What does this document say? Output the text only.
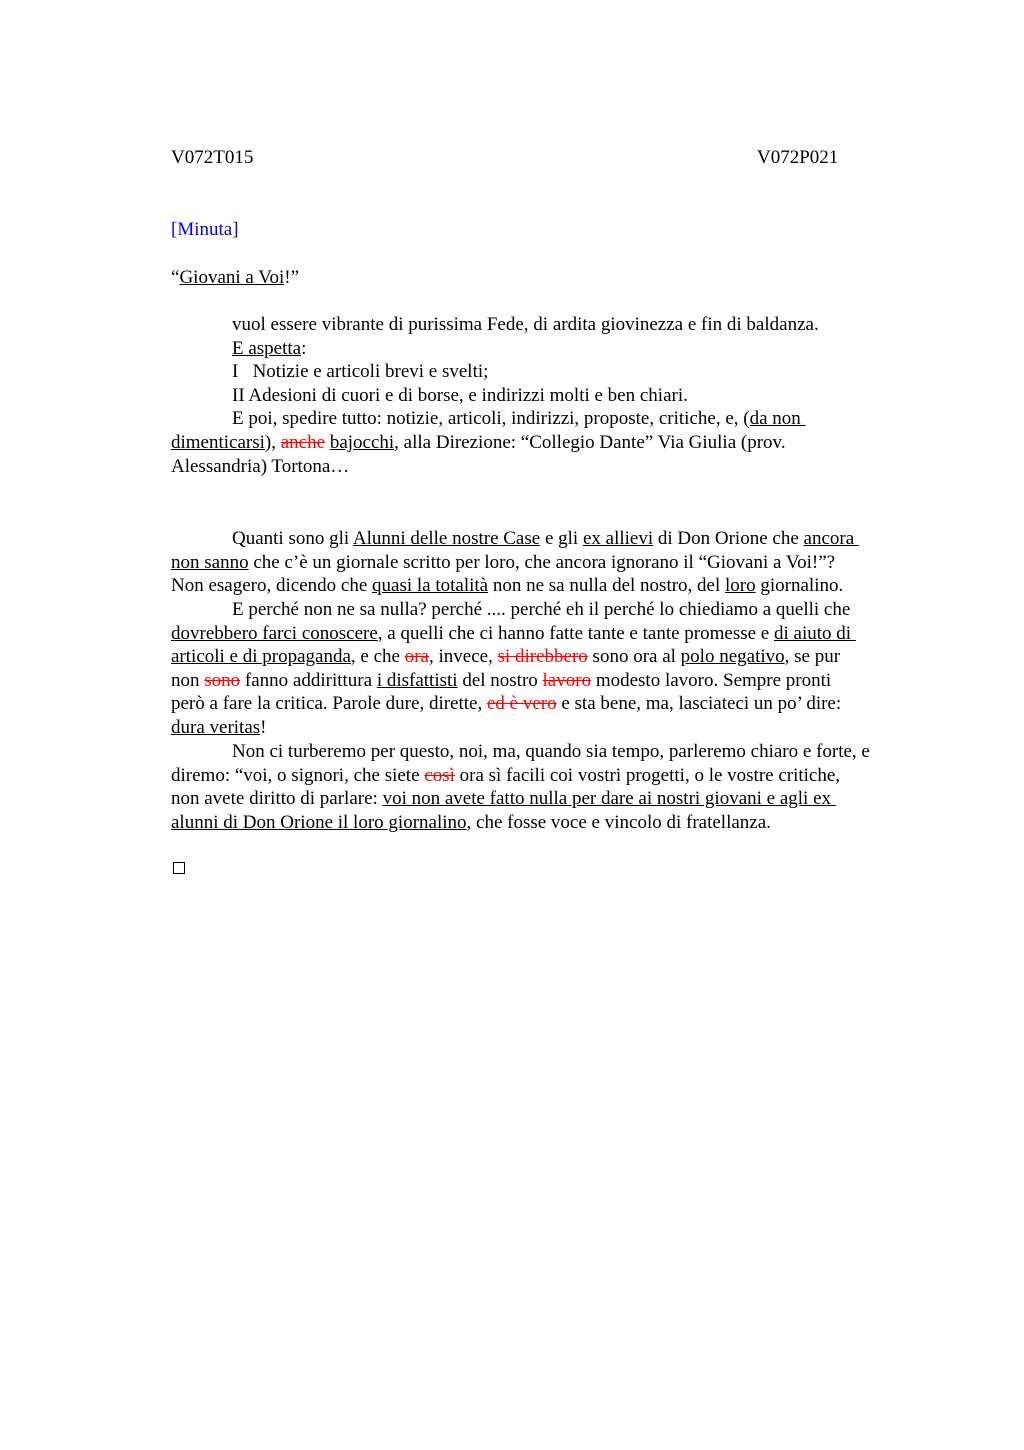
V072T015	V072P021
[Minuta]
“Giovani a Voi!”
vuol essere vibrante di purissima Fede, di ardita giovinezza e fin di baldanza.
E aspetta:
I   Notizie e articoli brevi e svelti;
II Adesioni di cuori e di borse, e indirizzi molti e ben chiari.
E poi, spedire tutto: notizie, articoli, indirizzi, proposte, critiche, e, (da non
dimenticarsi), anche bajocchi, alla Direzione: “Collegio Dante” Via Giulia (prov.
Alessandria) Tortona…
Quanti sono gli Alunni delle nostre Case e gli ex allievi di Don Orione che ancora
non sanno che c’è un giornale scritto per loro, che ancora ignorano il “Giovani a Voi!”?
Non esagero, dicendo che quasi la totalità non ne sa nulla del nostro, del loro giornalino.
E perché non ne sa nulla? perché .... perché eh il perché lo chiediamo a quelli che
dovrebbero farci conoscere, a quelli che ci hanno fatte tante e tante promesse e di aiuto di
articoli e di propaganda, e che ora, invece, si direbbero sono ora al polo negativo, se pur
non sono fanno addirittura i disfattisti del nostro lavoro modesto lavoro. Sempre pronti
però a fare la critica. Parole dure, dirette, ed è vero e sta bene, ma, lasciateci un po’ dire:
dura veritas!
Non ci turberemo per questo, noi, ma, quando sia tempo, parleremo chiaro e forte, e
diremo: “voi, o signori, che siete così ora sì facili coi vostri progetti, o le vostre critiche,
non avete diritto di parlare: voi non avete fatto nulla per dare ai nostri giovani e agli ex
alunni di Don Orione il loro giornalino, che fosse voce e vincolo di fratellanza.
